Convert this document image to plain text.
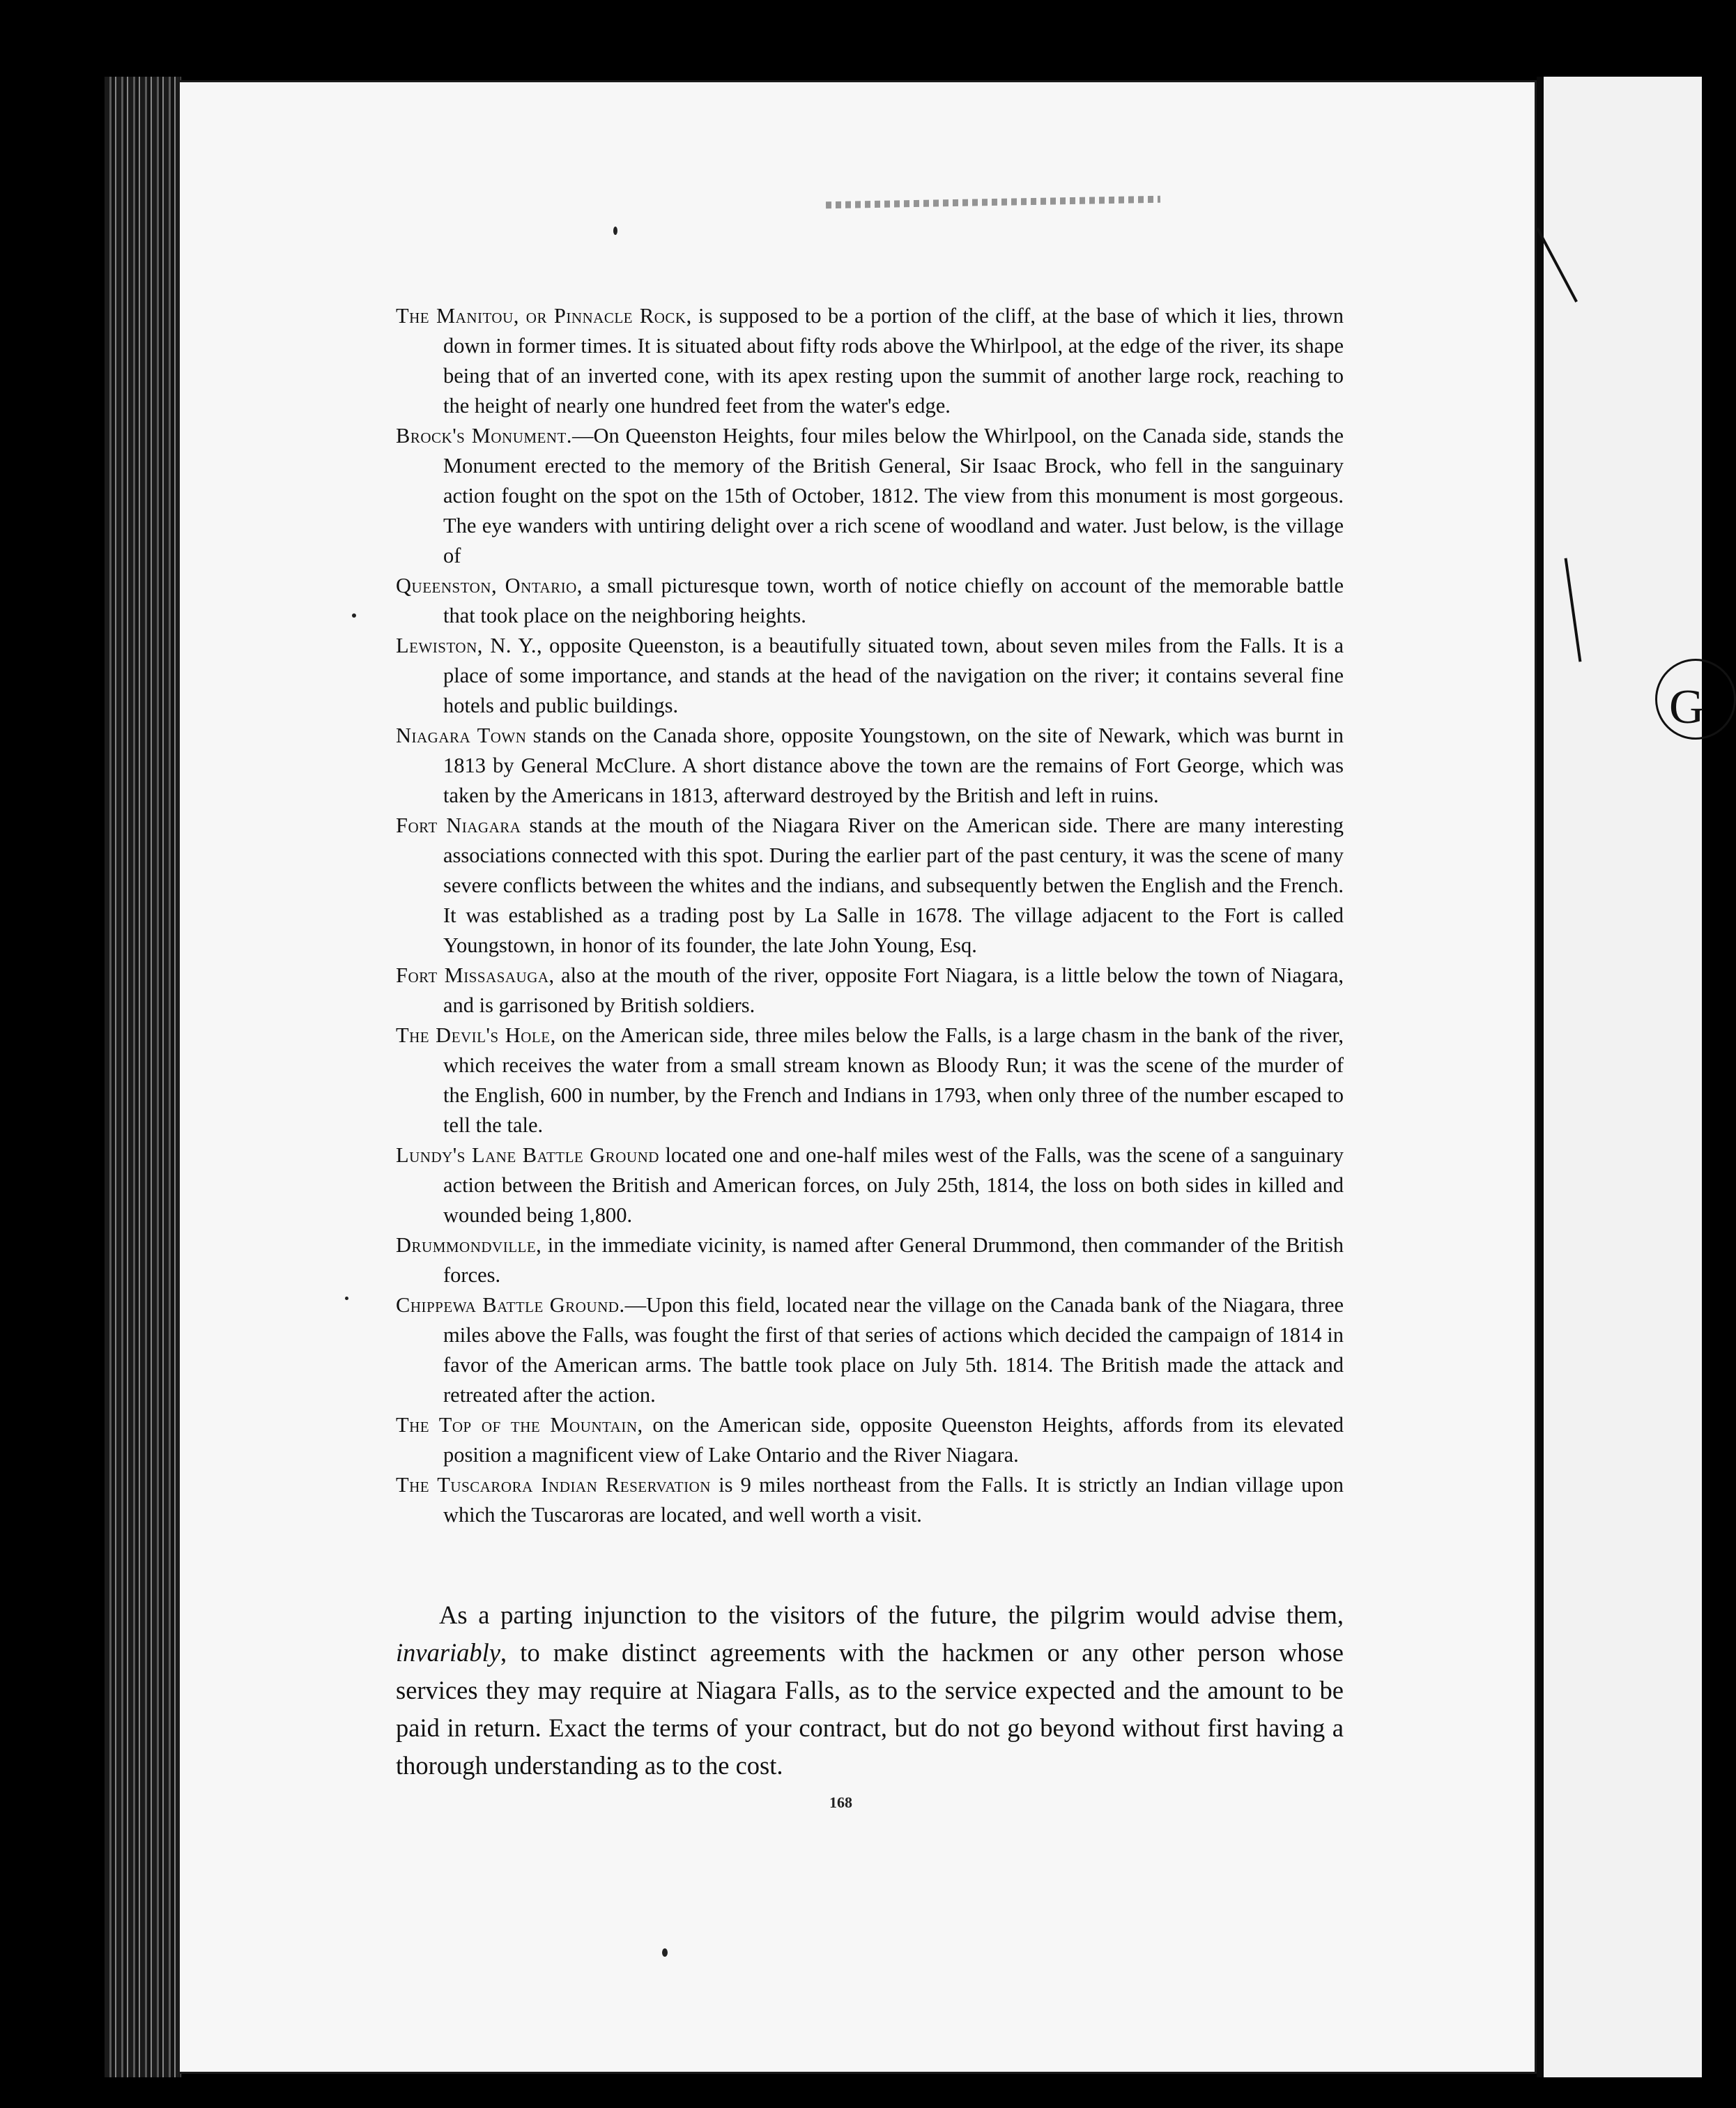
G

The Manitou, or Pinnacle Rock, is supposed to be a portion of the cliff, at the base of which it lies, thrown down in former times. It is situated about fifty rods above the Whirlpool, at the edge of the river, its shape being that of an inverted cone, with its apex resting upon the summit of another large rock, reaching to the height of nearly one hundred feet from the water's edge.

Brock's Monument.—On Queenston Heights, four miles below the Whirlpool, on the Canada side, stands the Monument erected to the memory of the British General, Sir Isaac Brock, who fell in the sanguinary action fought on the spot on the 15th of October, 1812. The view from this monument is most gorgeous. The eye wanders with untiring delight over a rich scene of woodland and water. Just below, is the village of

Queenston, Ontario, a small picturesque town, worth of notice chiefly on account of the memorable battle that took place on the neighboring heights.

Lewiston, N. Y., opposite Queenston, is a beautifully situated town, about seven miles from the Falls. It is a place of some importance, and stands at the head of the navigation on the river; it contains several fine hotels and public buildings.

Niagara Town stands on the Canada shore, opposite Youngstown, on the site of Newark, which was burnt in 1813 by General McClure. A short distance above the town are the remains of Fort George, which was taken by the Americans in 1813, afterward destroyed by the British and left in ruins.

Fort Niagara stands at the mouth of the Niagara River on the American side. There are many interesting associations connected with this spot. During the earlier part of the past century, it was the scene of many severe conflicts between the whites and the indians, and subsequently betwen the English and the French. It was established as a trading post by La Salle in 1678. The village adjacent to the Fort is called Youngstown, in honor of its founder, the late John Young, Esq.

Fort Missasauga, also at the mouth of the river, opposite Fort Niagara, is a little below the town of Niagara, and is garrisoned by British soldiers.

The Devil's Hole, on the American side, three miles below the Falls, is a large chasm in the bank of the river, which receives the water from a small stream known as Bloody Run; it was the scene of the murder of the English, 600 in number, by the French and Indians in 1793, when only three of the number escaped to tell the tale.

Lundy's Lane Battle Ground located one and one-half miles west of the Falls, was the scene of a sanguinary action between the British and American forces, on July 25th, 1814, the loss on both sides in killed and wounded being 1,800.

Drummondville, in the immediate vicinity, is named after General Drummond, then commander of the British forces.

Chippewa Battle Ground.—Upon this field, located near the village on the Canada bank of the Niagara, three miles above the Falls, was fought the first of that series of actions which decided the campaign of 1814 in favor of the American arms. The battle took place on July 5th. 1814. The British made the attack and retreated after the action.

The Top of the Mountain, on the American side, opposite Queenston Heights, affords from its elevated position a magnificent view of Lake Ontario and the River Niagara.

The Tuscarora Indian Reservation is 9 miles northeast from the Falls. It is strictly an Indian village upon which the Tuscaroras are located, and well worth a visit.

As a parting injunction to the visitors of the future, the pilgrim would advise them, invariably, to make distinct agreements with the hackmen or any other person whose services they may require at Niagara Falls, as to the service expected and the amount to be paid in return. Exact the terms of your contract, but do not go beyond without first having a thorough understanding as to the cost.

168
